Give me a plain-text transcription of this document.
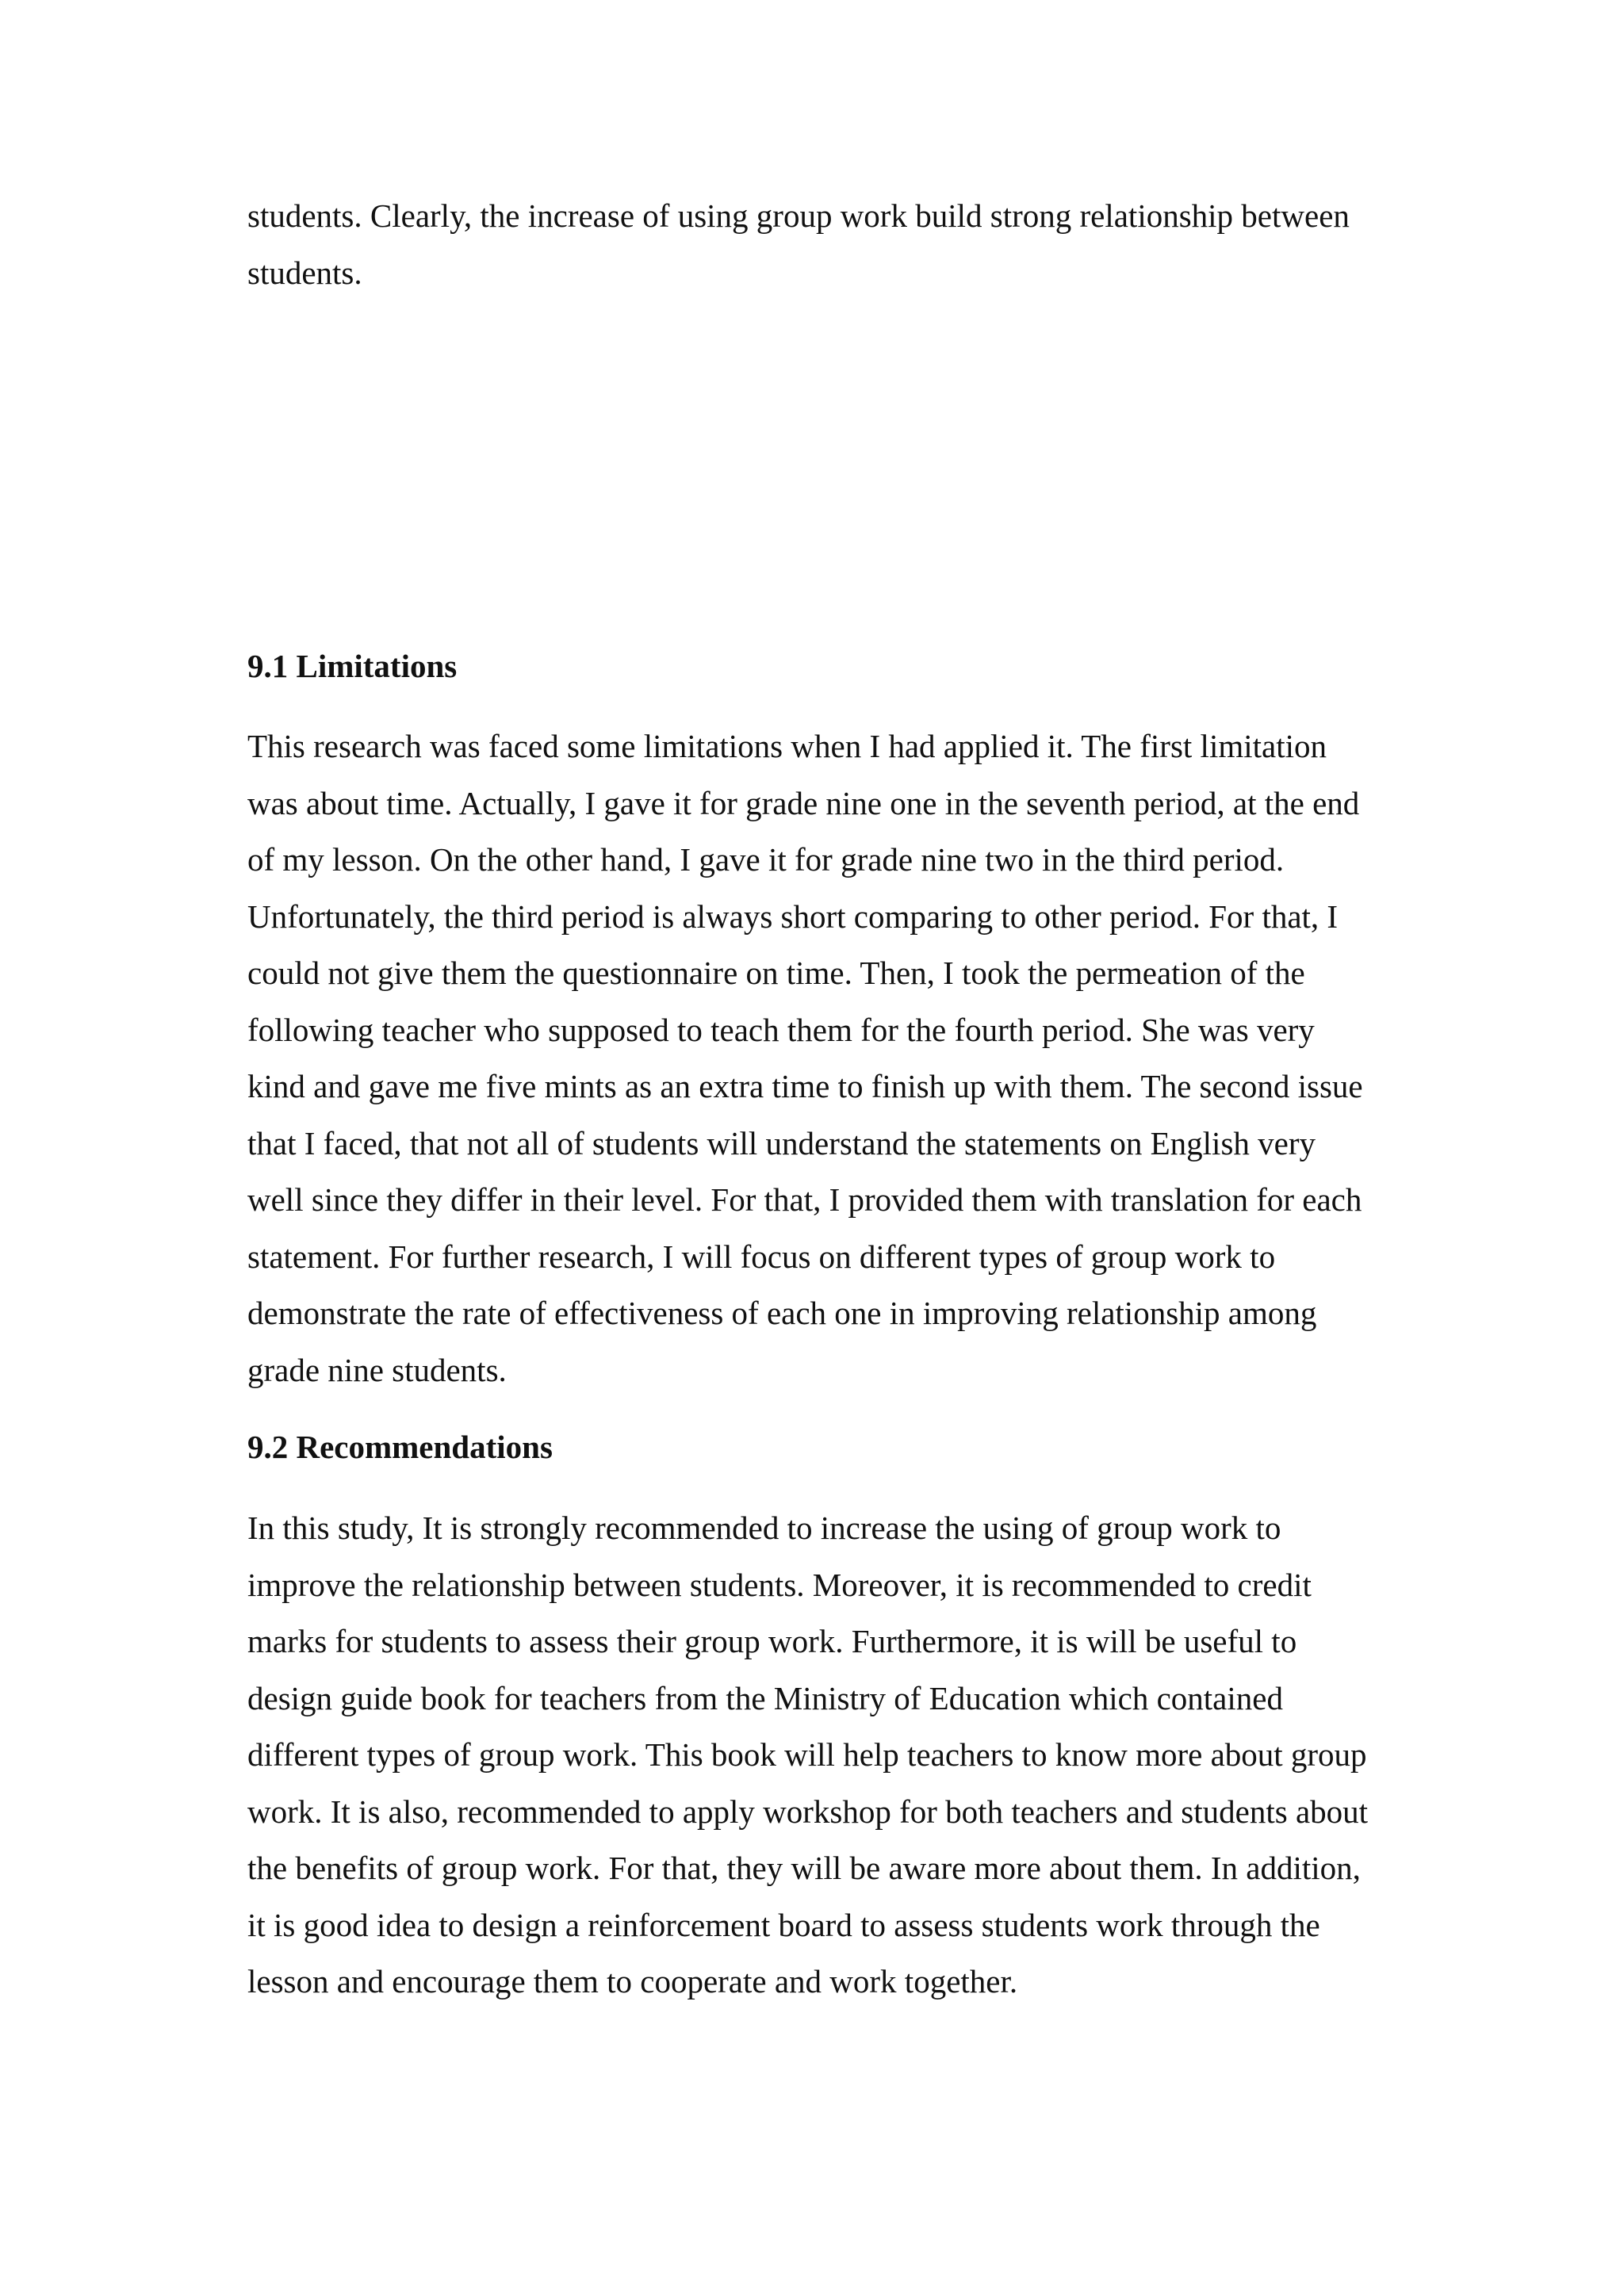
students. Clearly, the increase of using group work build strong relationship between
students.

9.1 Limitations

This research was faced some limitations when I had applied it. The first limitation
was about time. Actually, I gave it for grade nine one in the seventh period, at the end
of my lesson. On the other hand, I gave it for grade nine two in the third period.
Unfortunately, the third period is always short comparing to other period. For that, I
could not give them the questionnaire on time. Then, I took the permeation of the
following teacher who supposed to teach them for the fourth period. She was very
kind and gave me five mints as an extra time to finish up with them. The second issue
that I faced, that not all of students will understand the statements on English very
well since they differ in their level. For that, I provided them with translation for each
statement. For further research, I will focus on different types of group work to
demonstrate the rate of effectiveness of each one in improving relationship among
grade nine students.

9.2 Recommendations

In this study, It is strongly recommended to increase the using of group work to
improve the relationship between students. Moreover, it is recommended to credit
marks for students to assess their group work. Furthermore, it is will be useful to
design guide book for teachers from the Ministry of Education which contained
different types of group work. This book will help teachers to know more about group
work. It is also, recommended to apply workshop for both teachers and students about
the benefits of group work. For that, they will be aware more about them. In addition,
it is good idea to design a reinforcement board to assess students work through the
lesson and encourage them to cooperate and work together.
